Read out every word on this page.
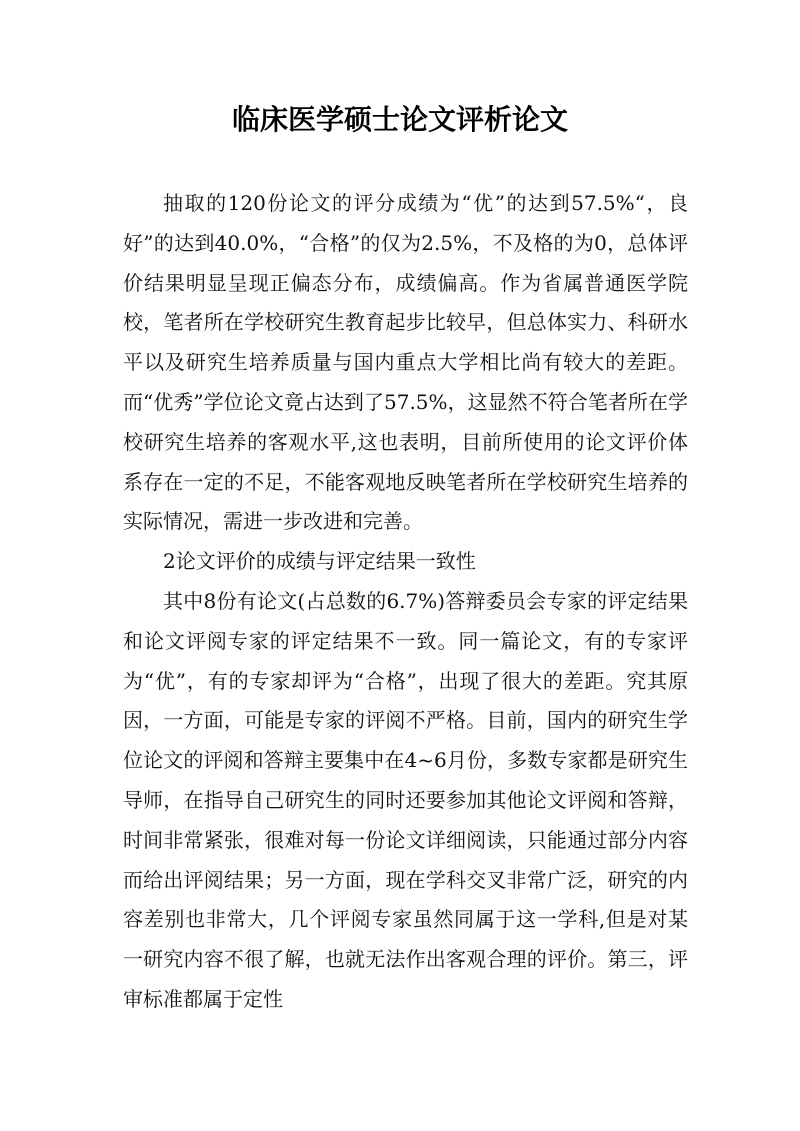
临床医学硕士论文评析论文

抽取的120份论文的评分成绩为“优”的达到57.5%“，良好”的达到40.0%，“合格”的仅为2.5%，不及格的为0，总体评价结果明显呈现正偏态分布，成绩偏高。作为省属普通医学院校，笔者所在学校研究生教育起步比较早，但总体实力、科研水平以及研究生培养质量与国内重点大学相比尚有较大的差距。而“优秀”学位论文竟占达到了57.5%，这显然不符合笔者所在学校研究生培养的客观水平,这也表明，目前所使用的论文评价体系存在一定的不足，不能客观地反映笔者所在学校研究生培养的实际情况，需进一步改进和完善。

2论文评价的成绩与评定结果一致性

其中8份有论文(占总数的6.7%)答辩委员会专家的评定结果和论文评阅专家的评定结果不一致。同一篇论文，有的专家评为“优”，有的专家却评为“合格”，出现了很大的差距。究其原因，一方面，可能是专家的评阅不严格。目前，国内的研究生学位论文的评阅和答辩主要集中在4~6月份，多数专家都是研究生导师，在指导自己研究生的同时还要参加其他论文评阅和答辩，时间非常紧张，很难对每一份论文详细阅读，只能通过部分内容而给出评阅结果；另一方面，现在学科交叉非常广泛，研究的内容差别也非常大，几个评阅专家虽然同属于这一学科,但是对某一研究内容不很了解，也就无法作出客观合理的评价。第三，评审标准都属于定性
